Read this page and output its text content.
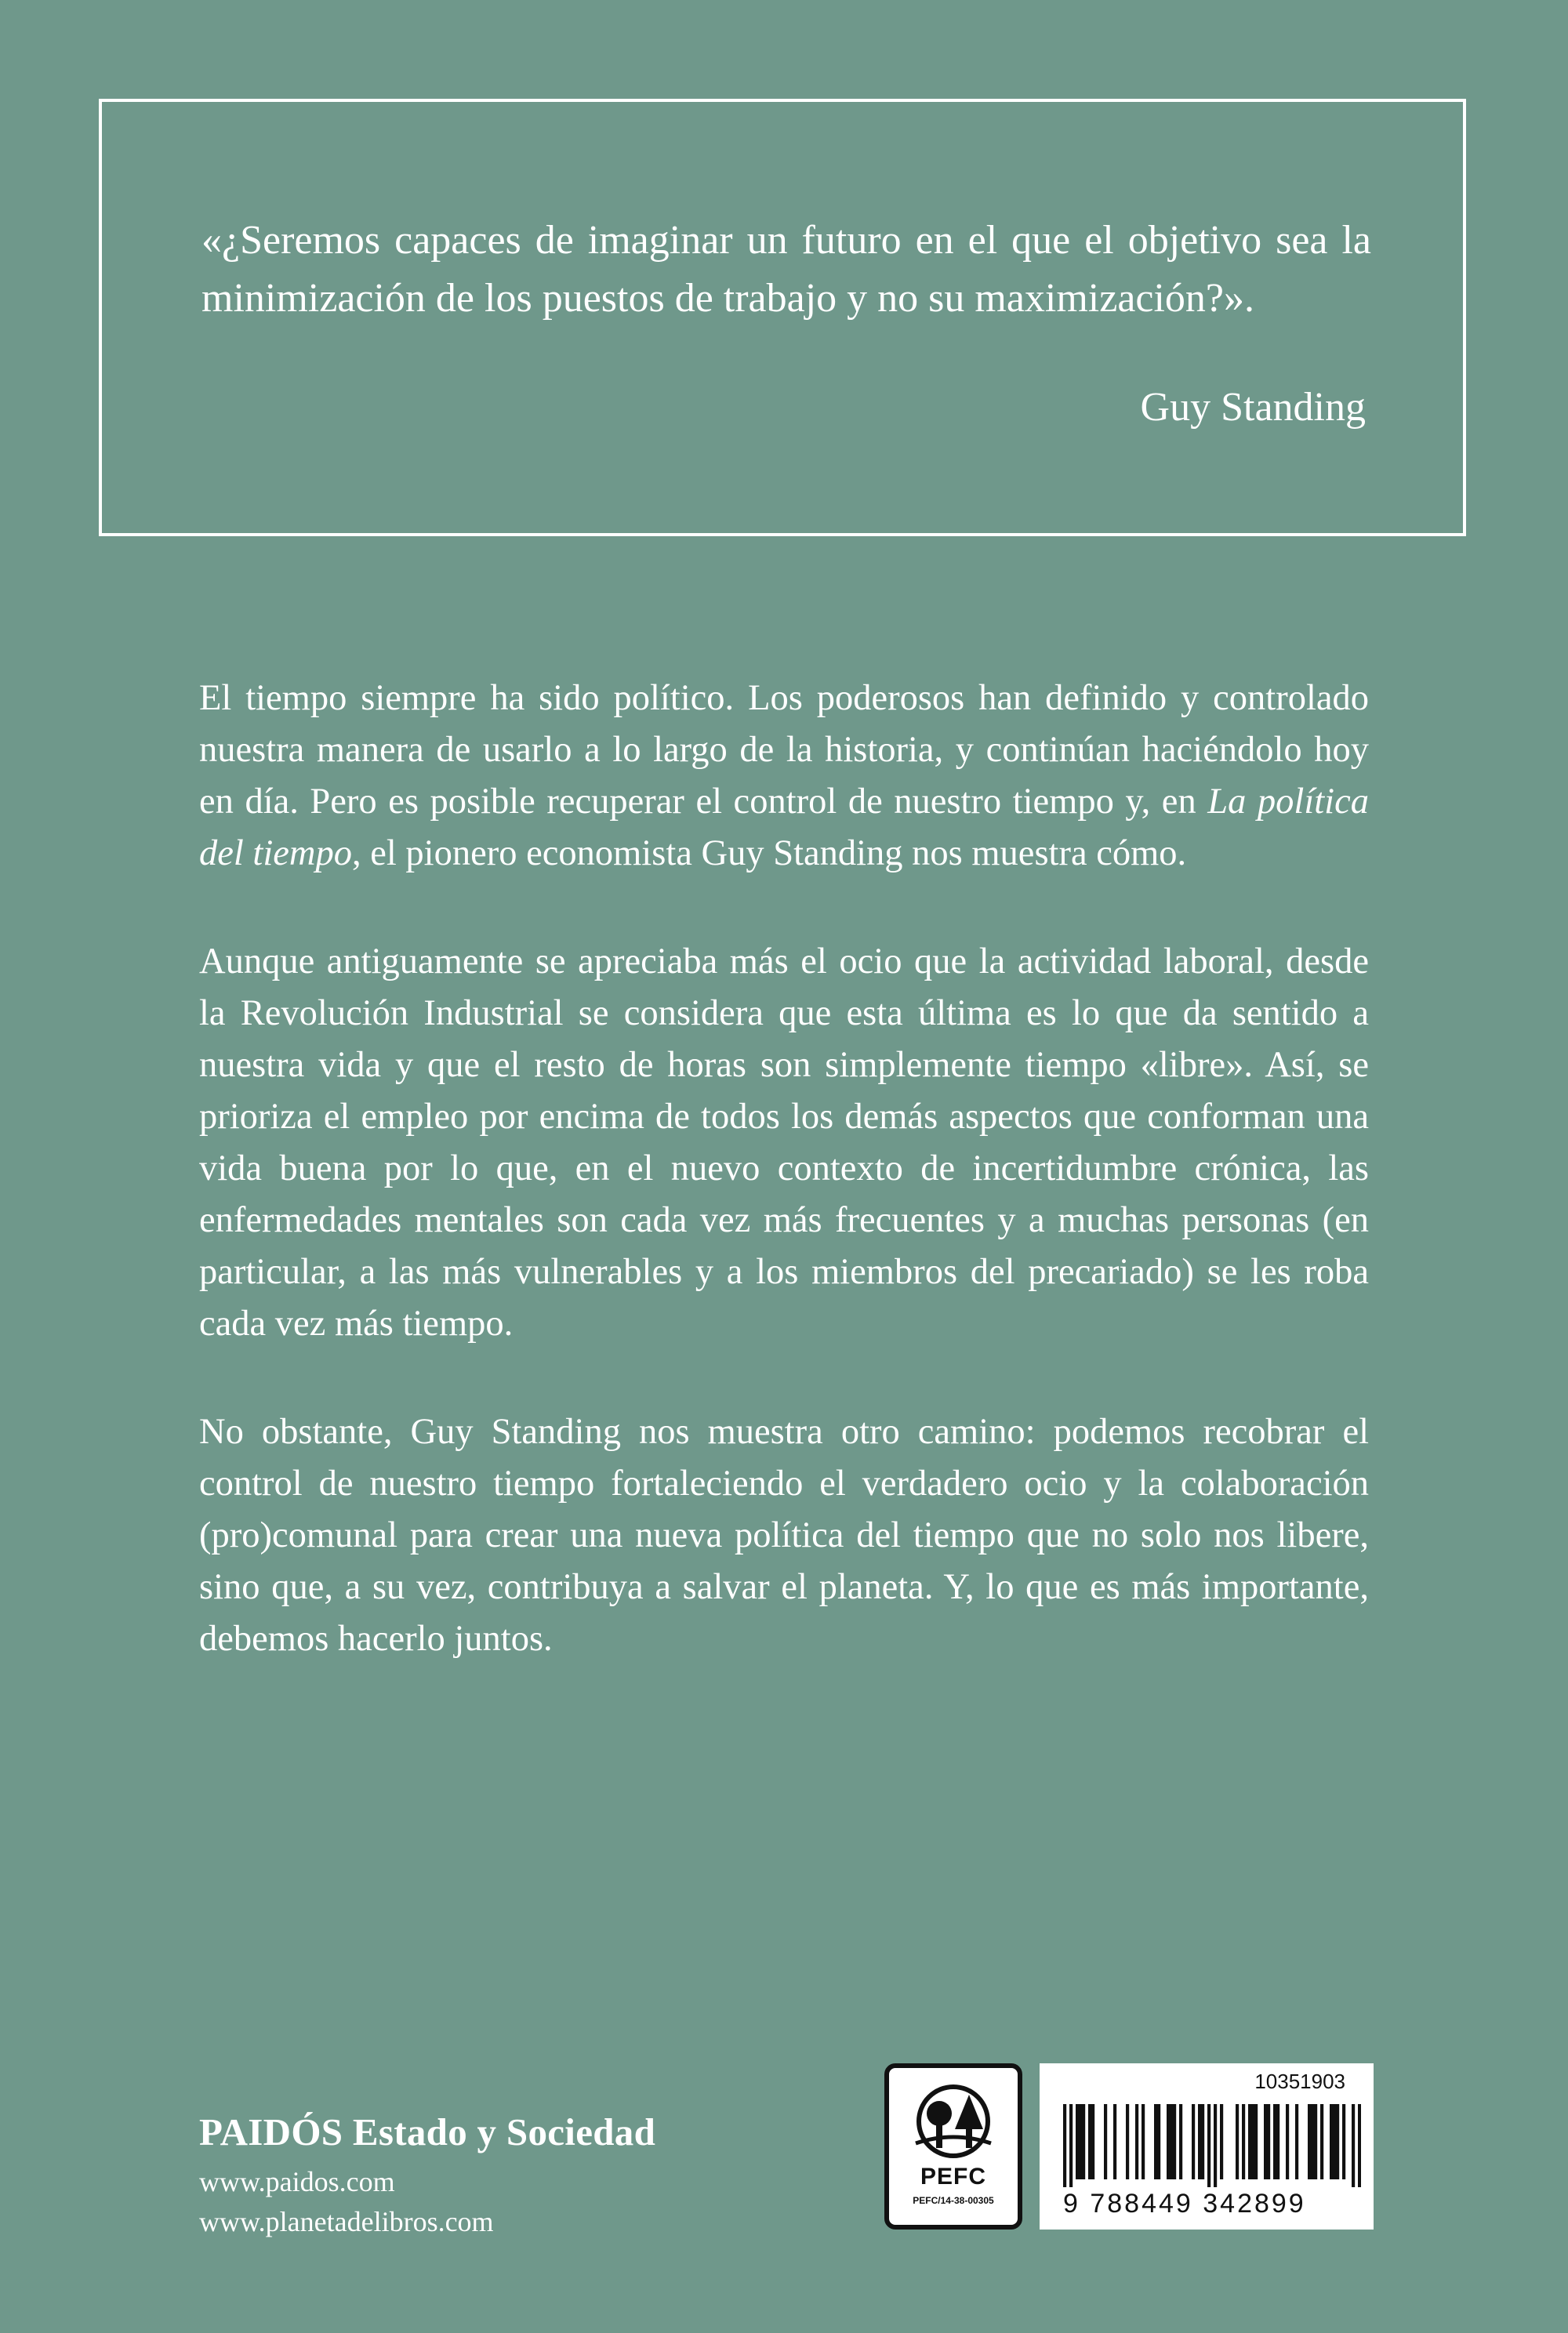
«¿Seremos capaces de imaginar un futuro en el que el objetivo sea la minimización de los puestos de trabajo y no su maximización?».

Guy Standing

El tiempo siempre ha sido político. Los poderosos han definido y controlado nuestra manera de usarlo a lo largo de la historia, y continúan haciéndolo hoy en día. Pero es posible recuperar el control de nuestro tiempo y, en La política del tiempo, el pionero economista Guy Standing nos muestra cómo.

Aunque antiguamente se apreciaba más el ocio que la actividad laboral, desde la Revolución Industrial se considera que esta última es lo que da sentido a nuestra vida y que el resto de horas son simplemente tiempo «libre». Así, se prioriza el empleo por encima de todos los demás aspectos que conforman una vida buena por lo que, en el nuevo contexto de incertidumbre crónica, las enfermedades mentales son cada vez más frecuentes y a muchas personas (en particular, a las más vulnerables y a los miembros del precariado) se les roba cada vez más tiempo.

No obstante, Guy Standing nos muestra otro camino: podemos recobrar el control de nuestro tiempo fortaleciendo el verdadero ocio y la colaboración (pro)comunal para crear una nueva política del tiempo que no solo nos libere, sino que, a su vez, contribuya a salvar el planeta. Y, lo que es más importante, debemos hacerlo juntos.

PAIDÓS Estado y Sociedad

www.paidos.com

www.planetadelibros.com

PEFC
PEFC/14-38-00305
10351903
9 788449 342899
